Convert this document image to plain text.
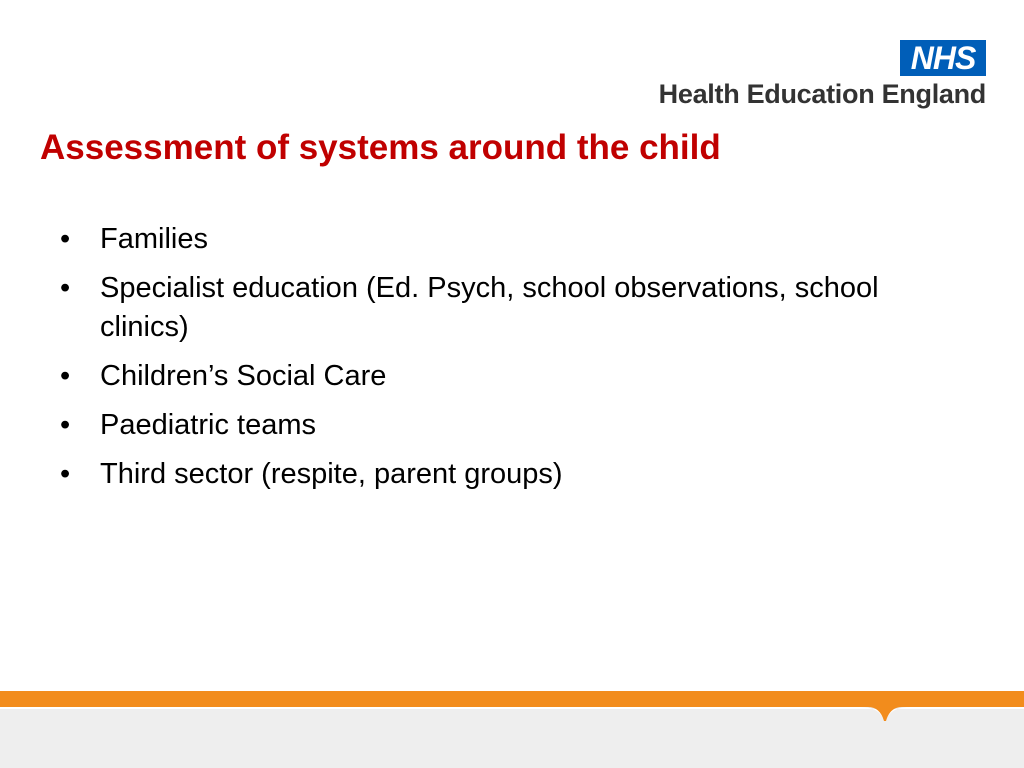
NHS
Health Education England
Assessment of systems around the child
• Families
• Specialist education (Ed. Psych, school observations, school clinics)
• Children’s Social Care
• Paediatric teams
• Third sector (respite, parent groups)
